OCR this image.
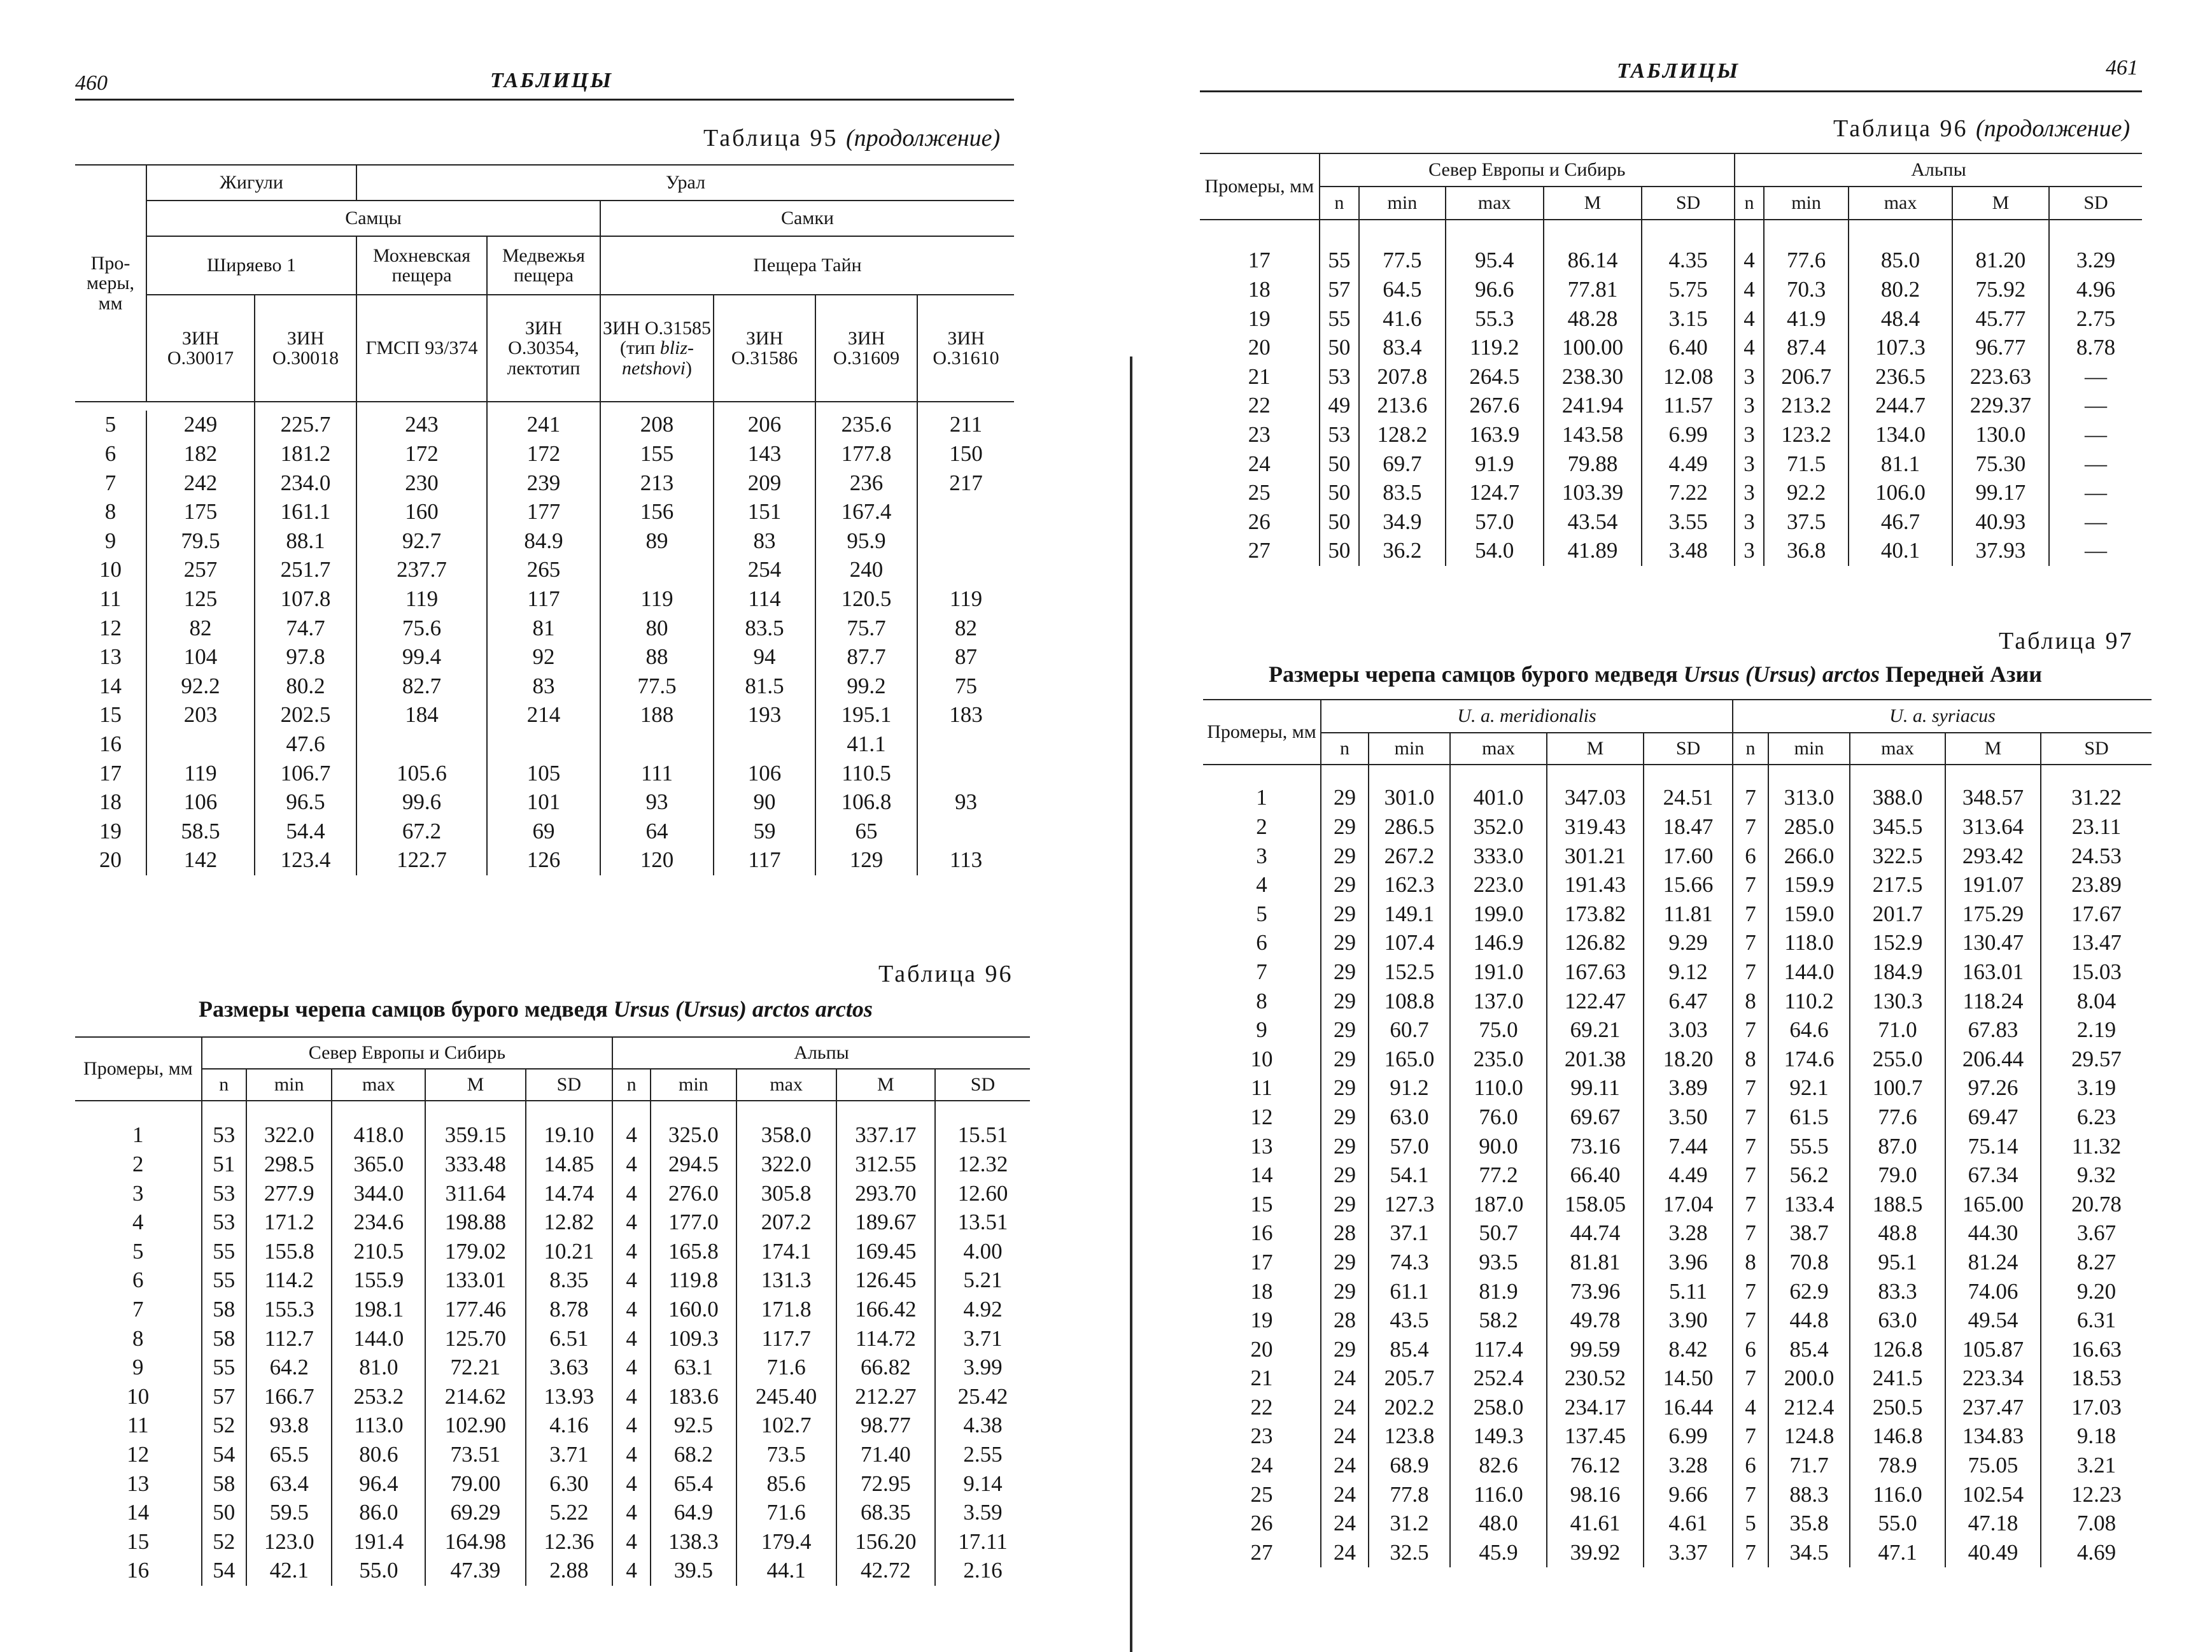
460	ТАБЛИЦЫ
Таблица 95 (продолжение)
Про-меры, мм	Жигули		Урал					
	Самцы				Самки			
	Ширяево 1		Мохневская пещера	Медвежья пещера	Пещера Тайн			
	ЗИН О.30017	ЗИН О.30018	ГМСП 93/374	ЗИН О.30354, лектотип	ЗИН О.31585 (тип bliz-netshovi)	ЗИН О.31586	ЗИН О.31609	ЗИН О.31610

5	249	225.7	243	241	208	206	235.6	211
6	182	181.2	172	172	155	143	177.8	150
7	242	234.0	230	239	213	209	236	217
8	175	161.1	160	177	156	151	167.4	
9	79.5	88.1	92.7	84.9	89	83	95.9	
10	257	251.7	237.7	265		254	240	
11	125	107.8	119	117	119	114	120.5	119
12	82	74.7	75.6	81	80	83.5	75.7	82
13	104	97.8	99.4	92	88	94	87.7	87
14	92.2	80.2	82.7	83	77.5	81.5	99.2	75
15	203	202.5	184	214	188	193	195.1	183
16		47.6					41.1	
17	119	106.7	105.6	105	111	106	110.5	
18	106	96.5	99.6	101	93	90	106.8	93
19	58.5	54.4	67.2	69	64	59	65	
20	142	123.4	122.7	126	120	117	129	113
Таблица 96
Размеры черепа самцов бурого медведя Ursus (Ursus) arctos arctos
Промеры, мм	Север Европы и Сибирь					Альпы				
	n	min	max	M	SD	n	min	max	M	SD

1	53	322.0	418.0	359.15	19.10	4	325.0	358.0	337.17	15.51
2	51	298.5	365.0	333.48	14.85	4	294.5	322.0	312.55	12.32
3	53	277.9	344.0	311.64	14.74	4	276.0	305.8	293.70	12.60
4	53	171.2	234.6	198.88	12.82	4	177.0	207.2	189.67	13.51
5	55	155.8	210.5	179.02	10.21	4	165.8	174.1	169.45	4.00
6	55	114.2	155.9	133.01	8.35	4	119.8	131.3	126.45	5.21
7	58	155.3	198.1	177.46	8.78	4	160.0	171.8	166.42	4.92
8	58	112.7	144.0	125.70	6.51	4	109.3	117.7	114.72	3.71
9	55	64.2	81.0	72.21	3.63	4	63.1	71.6	66.82	3.99
10	57	166.7	253.2	214.62	13.93	4	183.6	245.40	212.27	25.42
11	52	93.8	113.0	102.90	4.16	4	92.5	102.7	98.77	4.38
12	54	65.5	80.6	73.51	3.71	4	68.2	73.5	71.40	2.55
13	58	63.4	96.4	79.00	6.30	4	65.4	85.6	72.95	9.14
14	50	59.5	86.0	69.29	5.22	4	64.9	71.6	68.35	3.59
15	52	123.0	191.4	164.98	12.36	4	138.3	179.4	156.20	17.11
16	54	42.1	55.0	47.39	2.88	4	39.5	44.1	42.72	2.16
ТАБЛИЦЫ	461
Таблица 96 (продолжение)
Промеры, мм	Север Европы и Сибирь					Альпы				
	n	min	max	M	SD	n	min	max	M	SD

17	55	77.5	95.4	86.14	4.35	4	77.6	85.0	81.20	3.29
18	57	64.5	96.6	77.81	5.75	4	70.3	80.2	75.92	4.96
19	55	41.6	55.3	48.28	3.15	4	41.9	48.4	45.77	2.75
20	50	83.4	119.2	100.00	6.40	4	87.4	107.3	96.77	8.78
21	53	207.8	264.5	238.30	12.08	3	206.7	236.5	223.63	—
22	49	213.6	267.6	241.94	11.57	3	213.2	244.7	229.37	—
23	53	128.2	163.9	143.58	6.99	3	123.2	134.0	130.0	—
24	50	69.7	91.9	79.88	4.49	3	71.5	81.1	75.30	—
25	50	83.5	124.7	103.39	7.22	3	92.2	106.0	99.17	—
26	50	34.9	57.0	43.54	3.55	3	37.5	46.7	40.93	—
27	50	36.2	54.0	41.89	3.48	3	36.8	40.1	37.93	—
Таблица 97
Размеры черепа самцов бурого медведя Ursus (Ursus) arctos Передней Азии
Промеры, мм	U. a. meridionalis					U. a. syriacus				
	n	min	max	M	SD	n	min	max	M	SD

1	29	301.0	401.0	347.03	24.51	7	313.0	388.0	348.57	31.22
2	29	286.5	352.0	319.43	18.47	7	285.0	345.5	313.64	23.11
3	29	267.2	333.0	301.21	17.60	6	266.0	322.5	293.42	24.53
4	29	162.3	223.0	191.43	15.66	7	159.9	217.5	191.07	23.89
5	29	149.1	199.0	173.82	11.81	7	159.0	201.7	175.29	17.67
6	29	107.4	146.9	126.82	9.29	7	118.0	152.9	130.47	13.47
7	29	152.5	191.0	167.63	9.12	7	144.0	184.9	163.01	15.03
8	29	108.8	137.0	122.47	6.47	8	110.2	130.3	118.24	8.04
9	29	60.7	75.0	69.21	3.03	7	64.6	71.0	67.83	2.19
10	29	165.0	235.0	201.38	18.20	8	174.6	255.0	206.44	29.57
11	29	91.2	110.0	99.11	3.89	7	92.1	100.7	97.26	3.19
12	29	63.0	76.0	69.67	3.50	7	61.5	77.6	69.47	6.23
13	29	57.0	90.0	73.16	7.44	7	55.5	87.0	75.14	11.32
14	29	54.1	77.2	66.40	4.49	7	56.2	79.0	67.34	9.32
15	29	127.3	187.0	158.05	17.04	7	133.4	188.5	165.00	20.78
16	28	37.1	50.7	44.74	3.28	7	38.7	48.8	44.30	3.67
17	29	74.3	93.5	81.81	3.96	8	70.8	95.1	81.24	8.27
18	29	61.1	81.9	73.96	5.11	7	62.9	83.3	74.06	9.20
19	28	43.5	58.2	49.78	3.90	7	44.8	63.0	49.54	6.31
20	29	85.4	117.4	99.59	8.42	6	85.4	126.8	105.87	16.63
21	24	205.7	252.4	230.52	14.50	7	200.0	241.5	223.34	18.53
22	24	202.2	258.0	234.17	16.44	4	212.4	250.5	237.47	17.03
23	24	123.8	149.3	137.45	6.99	7	124.8	146.8	134.83	9.18
24	24	68.9	82.6	76.12	3.28	6	71.7	78.9	75.05	3.21
25	24	77.8	116.0	98.16	9.66	7	88.3	116.0	102.54	12.23
26	24	31.2	48.0	41.61	4.61	5	35.8	55.0	47.18	7.08
27	24	32.5	45.9	39.92	3.37	7	34.5	47.1	40.49	4.69
